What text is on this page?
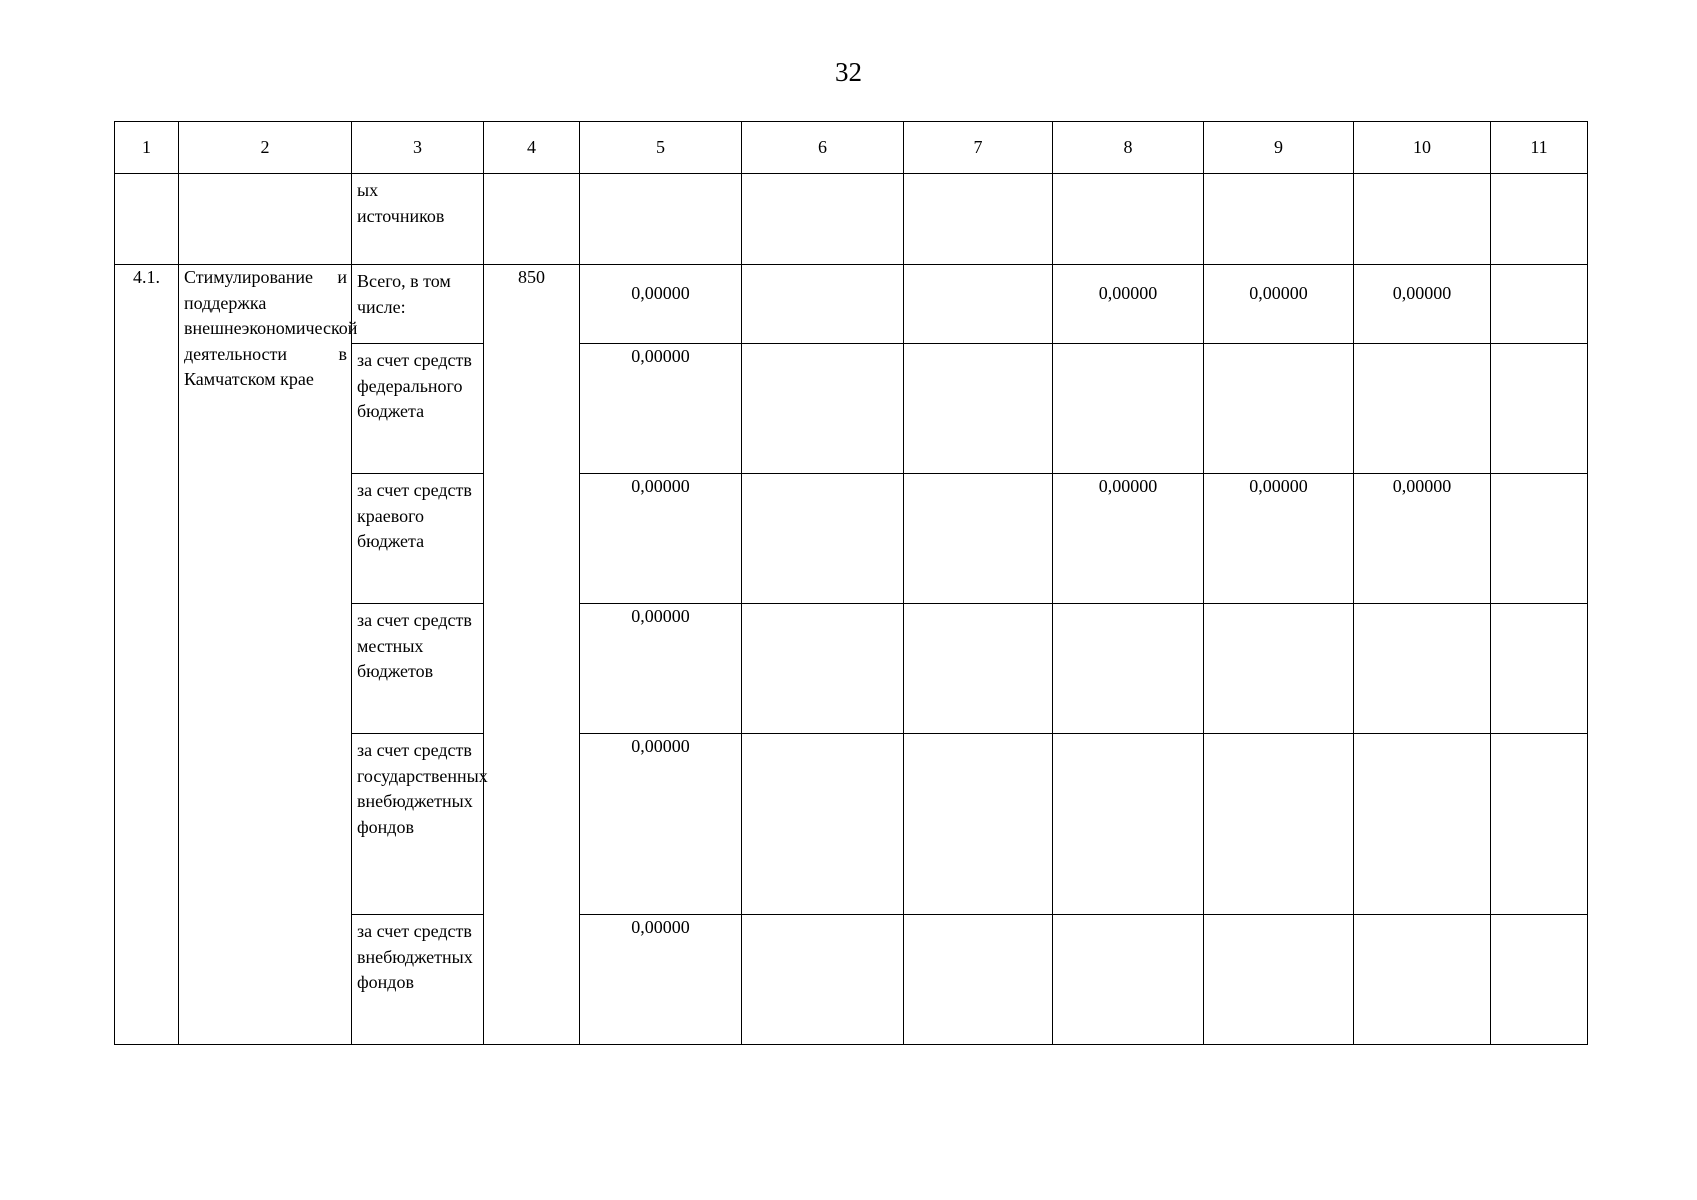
32
1	2	3	4	5	6	7	8	9	10	11
		ых
источников								
4.1.	Стимулирование и поддержка внешнеэкономической деятельности в Камчатском крае	Всего, в том числе:	850	0,00000			0,00000	0,00000	0,00000	
		за счет средств федерального бюджета		0,00000						
		за счет средств краевого бюджета		0,00000			0,00000	0,00000	0,00000	
		за счет средств местных бюджетов		0,00000						
		за счет средств государственных внебюджетных фондов		0,00000						
		за счет средств внебюджетных фондов		0,00000						
